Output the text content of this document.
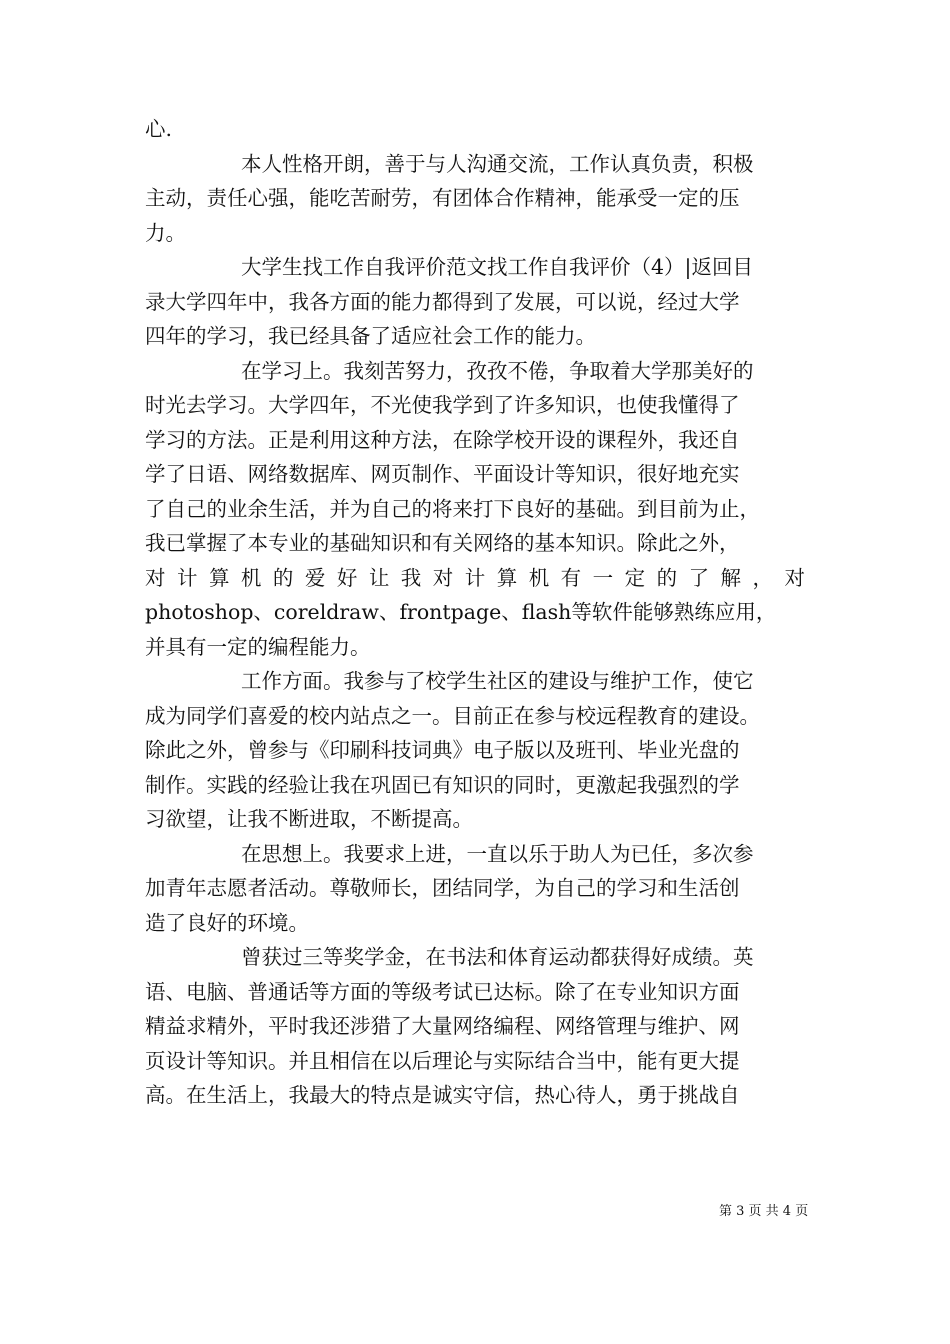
心.
本人性格开朗，善于与人沟通交流，工作认真负责，积极
主动，责任心强，能吃苦耐劳，有团体合作精神，能承受一定的压
力。
大学生找工作自我评价范文找工作自我评价（4）|返回目
录大学四年中，我各方面的能力都得到了发展，可以说，经过大学
四年的学习，我已经具备了适应社会工作的能力。
在学习上。我刻苦努力，孜孜不倦，争取着大学那美好的
时光去学习。大学四年，不光使我学到了许多知识，也使我懂得了
学习的方法。正是利用这种方法，在除学校开设的课程外，我还自
学了日语、网络数据库、网页制作、平面设计等知识，很好地充实
了自己的业余生活，并为自己的将来打下良好的基础。到目前为止，
我已掌握了本专业的基础知识和有关网络的基本知识。除此之外，
对计算机的爱好让我对计算机有一定的了解，对
photoshop、coreldraw、frontpage、flash等软件能够熟练应用，
并具有一定的编程能力。
工作方面。我参与了校学生社区的建设与维护工作，使它
成为同学们喜爱的校内站点之一。目前正在参与校远程教育的建设。
除此之外，曾参与《印刷科技词典》电子版以及班刊、毕业光盘的
制作。实践的经验让我在巩固已有知识的同时，更激起我强烈的学
习欲望，让我不断进取，不断提高。
在思想上。我要求上进，一直以乐于助人为已任，多次参
加青年志愿者活动。尊敬师长，团结同学，为自己的学习和生活创
造了良好的环境。
曾获过三等奖学金，在书法和体育运动都获得好成绩。英
语、电脑、普通话等方面的等级考试已达标。除了在专业知识方面
精益求精外，平时我还涉猎了大量网络编程、网络管理与维护、网
页设计等知识。并且相信在以后理论与实际结合当中，能有更大提
高。在生活上，我最大的特点是诚实守信，热心待人，勇于挑战自
第 3 页 共 4 页
